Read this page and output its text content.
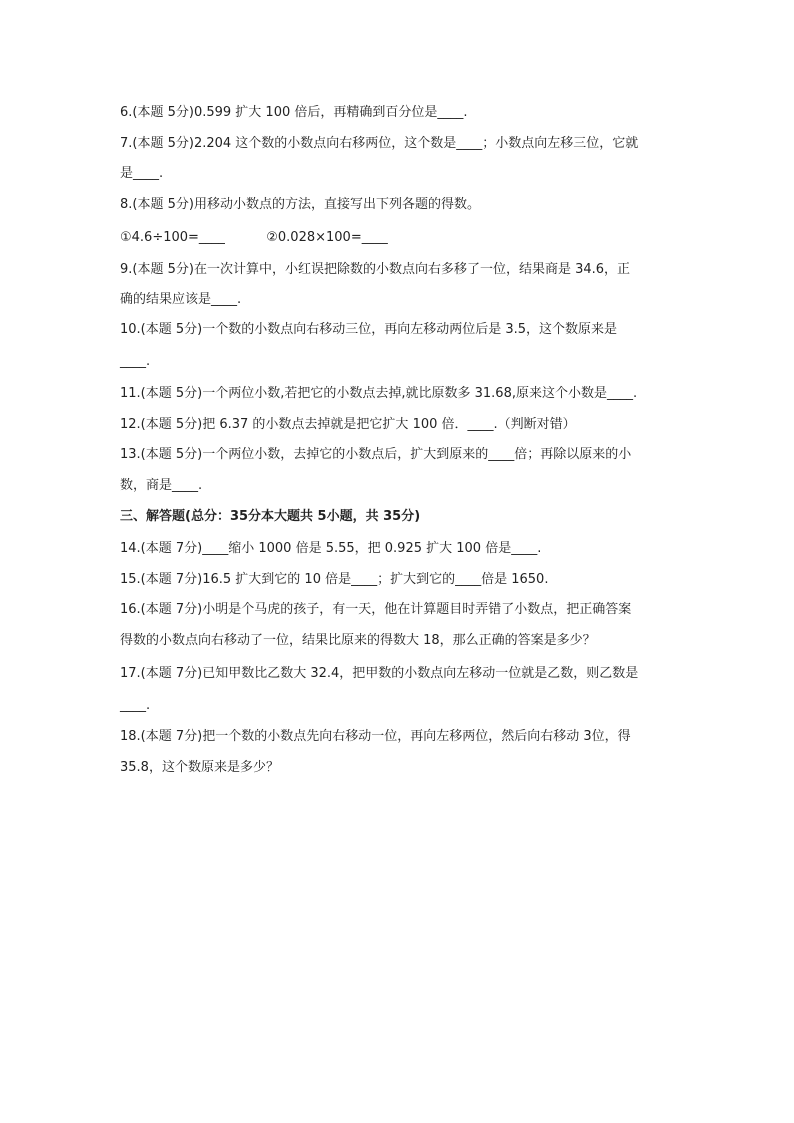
6.(本题 5分)0.599 扩大 100 倍后，再精确到百分位是____.

7.(本题 5分)2.204 这个数的小数点向右移两位，这个数是____；小数点向左移三位，它就

是____.

8.(本题 5分)用移动小数点的方法，直接写出下列各题的得数。

①4.6÷100=____          ②0.028×100=____

9.(本题 5分)在一次计算中，小红误把除数的小数点向右多移了一位，结果商是 34.6，正

确的结果应该是____.

10.(本题 5分)一个数的小数点向右移动三位，再向左移动两位后是 3.5，这个数原来是

____.

11.(本题 5分)一个两位小数,若把它的小数点去掉,就比原数多 31.68,原来这个小数是____.

12.(本题 5分)把 6.37 的小数点去掉就是把它扩大 100 倍．____.（判断对错）

13.(本题 5分)一个两位小数，去掉它的小数点后，扩大到原来的____倍；再除以原来的小

数，商是____.

三、解答题(总分：35分本大题共 5小题，共 35分)

14.(本题 7分)____缩小 1000 倍是 5.55，把 0.925 扩大 100 倍是____.

15.(本题 7分)16.5 扩大到它的 10 倍是____；扩大到它的____倍是 1650.

16.(本题 7分)小明是个马虎的孩子，有一天，他在计算题目时弄错了小数点，把正确答案

得数的小数点向右移动了一位，结果比原来的得数大 18，那么正确的答案是多少？

17.(本题 7分)已知甲数比乙数大 32.4，把甲数的小数点向左移动一位就是乙数，则乙数是

____.

18.(本题 7分)把一个数的小数点先向右移动一位，再向左移两位，然后向右移动 3位，得

35.8，这个数原来是多少？
